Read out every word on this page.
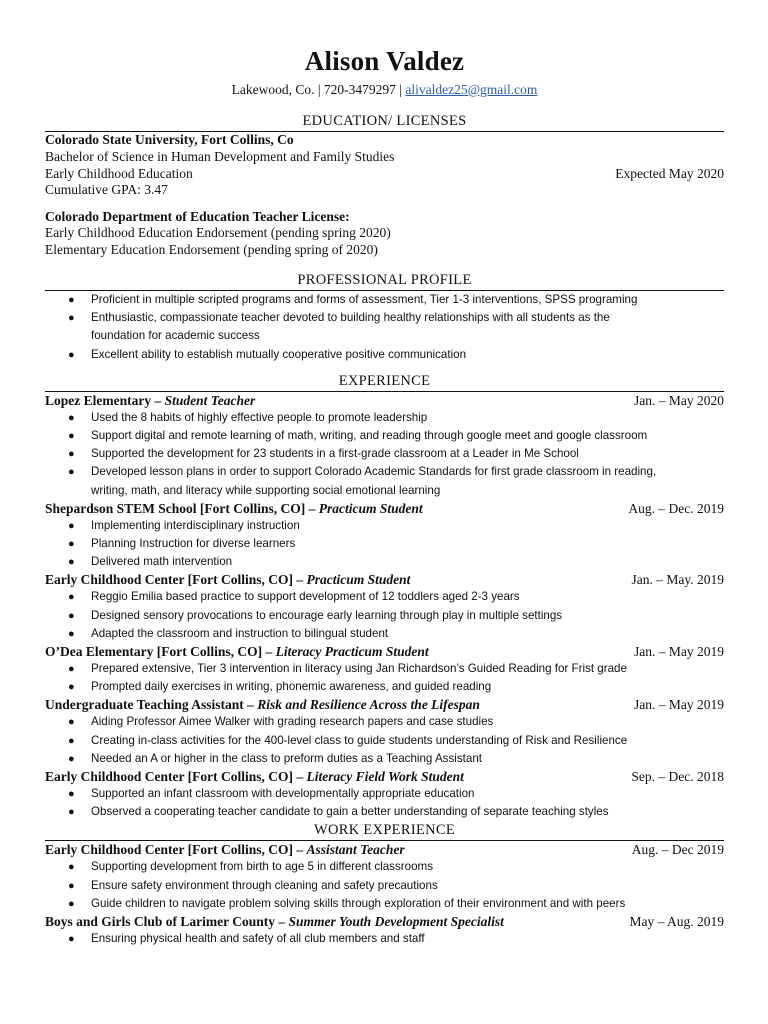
Alison Valdez
Lakewood, Co. | 720-3479297 | alivaldez25@gmail.com
EDUCATION/ LICENSES
Colorado State University, Fort Collins, Co
Bachelor of Science in Human Development and Family Studies
Early Childhood Education	Expected May 2020
Cumulative GPA: 3.47
Colorado Department of Education Teacher License:
Early Childhood Education Endorsement (pending spring 2020)
Elementary Education Endorsement (pending spring of 2020)
PROFESSIONAL PROFILE
● Proficient in multiple scripted programs and forms of assessment, Tier 1-3 interventions, SPSS programing
● Enthusiastic, compassionate teacher devoted to building healthy relationships with all students as the
foundation for academic success
● Excellent ability to establish mutually cooperative positive communication
EXPERIENCE
Lopez Elementary – Student Teacher	Jan. – May 2020
● Used the 8 habits of highly effective people to promote leadership
● Support digital and remote learning of math, writing, and reading through google meet and google classroom
● Supported the development for 23 students in a first-grade classroom at a Leader in Me School
● Developed lesson plans in order to support Colorado Academic Standards for first grade classroom in reading,
writing, math, and literacy while supporting social emotional learning
Shepardson STEM School [Fort Collins, CO] – Practicum Student	Aug. – Dec. 2019
● Implementing interdisciplinary instruction
● Planning Instruction for diverse learners
● Delivered math intervention
Early Childhood Center [Fort Collins, CO] – Practicum Student	Jan. – May. 2019
● Reggio Emilia based practice to support development of 12 toddlers aged 2-3 years
● Designed sensory provocations to encourage early learning through play in multiple settings
● Adapted the classroom and instruction to bilingual student
O’Dea Elementary [Fort Collins, CO] – Literacy Practicum Student	Jan. – May 2019
● Prepared extensive, Tier 3 intervention in literacy using Jan Richardson’s Guided Reading for Frist grade
● Prompted daily exercises in writing, phonemic awareness, and guided reading
Undergraduate Teaching Assistant – Risk and Resilience Across the Lifespan	Jan. – May 2019
● Aiding Professor Aimee Walker with grading research papers and case studies
● Creating in-class activities for the 400-level class to guide students understanding of Risk and Resilience
● Needed an A or higher in the class to preform duties as a Teaching Assistant
Early Childhood Center [Fort Collins, CO] – Literacy Field Work Student	Sep. – Dec. 2018
● Supported an infant classroom with developmentally appropriate education
● Observed a cooperating teacher candidate to gain a better understanding of separate teaching styles
WORK EXPERIENCE
Early Childhood Center [Fort Collins, CO] – Assistant Teacher	Aug. – Dec 2019
● Supporting development from birth to age 5 in different classrooms
● Ensure safety environment through cleaning and safety precautions
● Guide children to navigate problem solving skills through exploration of their environment and with peers
Boys and Girls Club of Larimer County – Summer Youth Development Specialist	May – Aug. 2019
● Ensuring physical health and safety of all club members and staff
